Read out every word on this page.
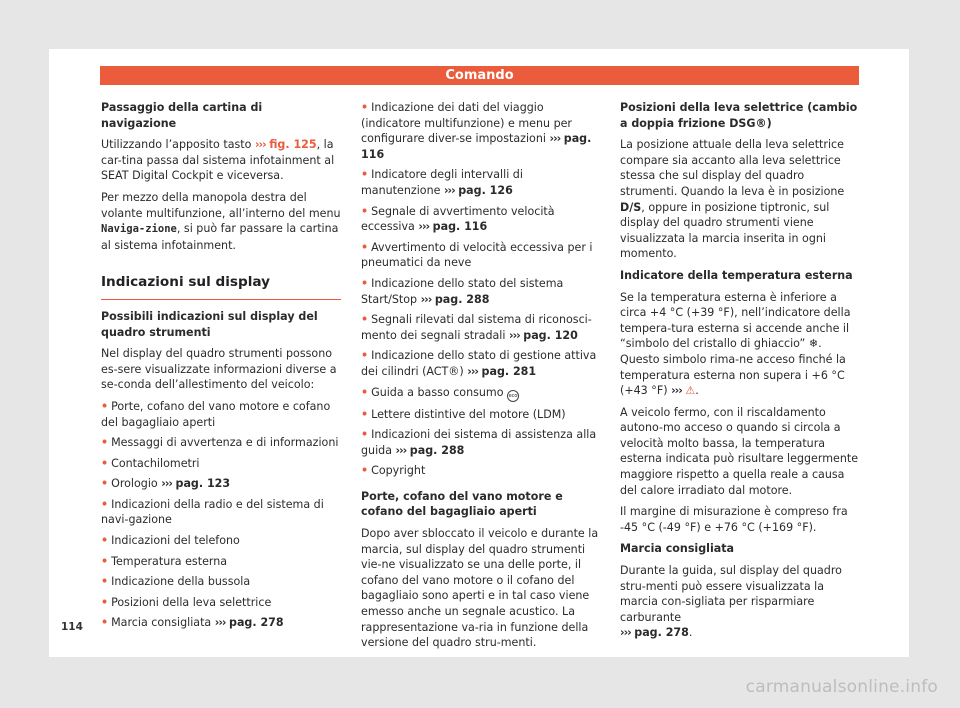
Comando

Passaggio della cartina di navigazione

Utilizzando l’apposito tasto ››› fig. 125, la car-tina passa dal sistema infotainment al SEAT Digital Cockpit e viceversa.

Per mezzo della manopola destra del volante multifunzione, all’interno del menu Naviga-zione, si può far passare la cartina al sistema infotainment.

Indicazioni sul display

Possibili indicazioni sul display del quadro strumenti

Nel display del quadro strumenti possono es-sere visualizzate informazioni diverse a se-conda dell’allestimento del veicolo:

• Porte, cofano del vano motore e cofano del bagagliaio aperti
• Messaggi di avvertenza e di informazioni
• Contachilometri
• Orologio ››› pag. 123
• Indicazioni della radio e del sistema di navi-gazione
• Indicazioni del telefono
• Temperatura esterna
• Indicazione della bussola
• Posizioni della leva selettrice
• Marcia consigliata ››› pag. 278
• Indicazione dei dati del viaggio (indicatore multifunzione) e menu per configurare diver-se impostazioni ››› pag. 116
• Indicatore degli intervalli di manutenzione ››› pag. 126
• Segnale di avvertimento velocità eccessiva ››› pag. 116
• Avvertimento di velocità eccessiva per i pneumatici da neve
• Indicazione dello stato del sistema Start/Stop ››› pag. 288
• Segnali rilevati dal sistema di riconosci-mento dei segnali stradali ››› pag. 120
• Indicazione dello stato di gestione attiva dei cilindri (ACT®) ››› pag. 281
• Guida a basso consumo eco
• Lettere distintive del motore (LDM)
• Indicazioni dei sistema di assistenza alla guida ››› pag. 288
• Copyright

Porte, cofano del vano motore e cofano del bagagliaio aperti

Dopo aver sbloccato il veicolo e durante la marcia, sul display del quadro strumenti vie-ne visualizzato se una delle porte, il cofano del vano motore o il cofano del bagagliaio sono aperti e in tal caso viene emesso anche un segnale acustico. La rappresentazione va-ria in funzione della versione del quadro stru-menti.

Posizioni della leva selettrice (cambio a doppia frizione DSG®)

La posizione attuale della leva selettrice compare sia accanto alla leva selettrice stessa che sul display del quadro strumenti. Quando la leva è in posizione D/S, oppure in posizione tiptronic, sul display del quadro strumenti viene visualizzata la marcia inserita in ogni momento.

Indicatore della temperatura esterna

Se la temperatura esterna è inferiore a circa +4 °C (+39 °F), nell’indicatore della tempera-tura esterna si accende anche il “simbolo del cristallo di ghiaccio” ❄. Questo simbolo rima-ne acceso finché la temperatura esterna non supera i +6 °C (+43 °F) ››› ⚠.

A veicolo fermo, con il riscaldamento autono-mo acceso o quando si circola a velocità molto bassa, la temperatura esterna indicata può risultare leggermente maggiore rispetto a quella reale a causa del calore irradiato dal motore.

Il margine di misurazione è compreso fra -45 °C (-49 °F) e +76 °C (+169 °F).

Marcia consigliata

Durante la guida, sul display del quadro stru-menti può essere visualizzata la marcia con-sigliata per risparmiare carburante
››› pag. 278.

114
carmanualsonline.info
